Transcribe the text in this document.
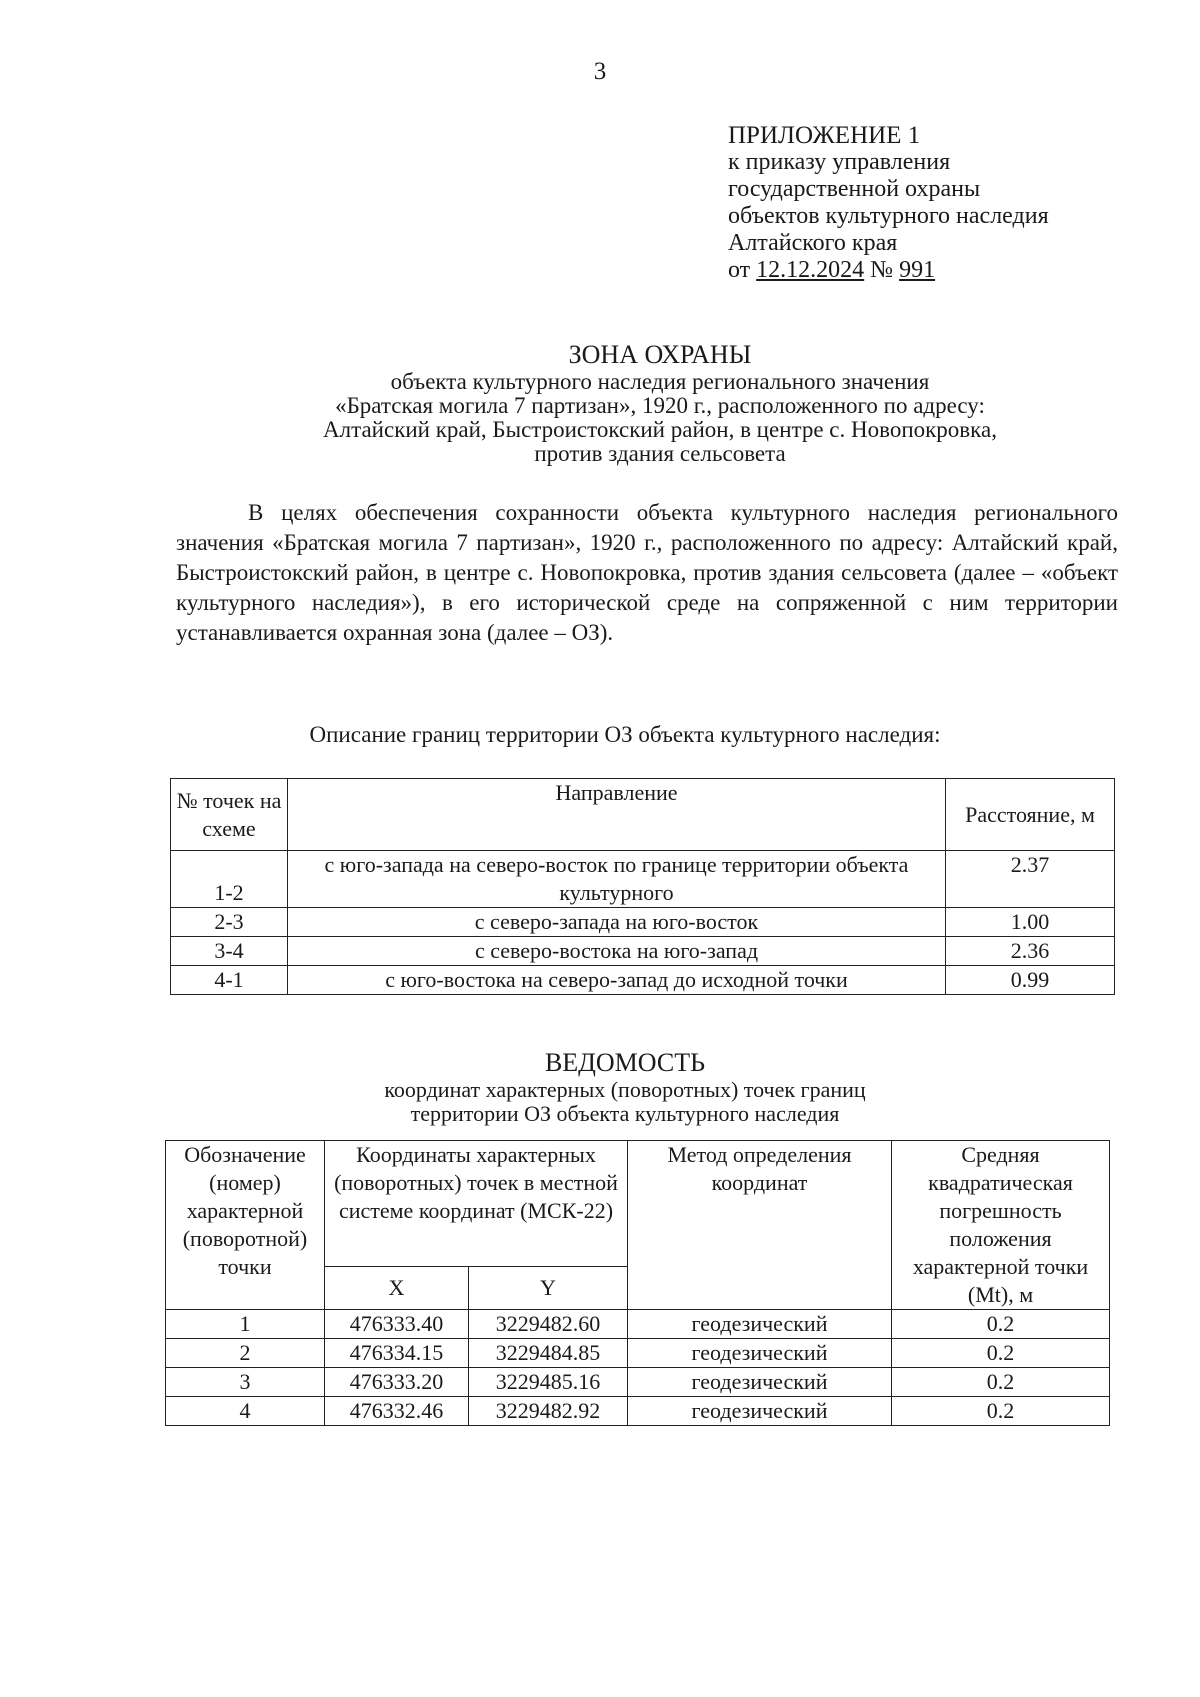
3
ПРИЛОЖЕНИЕ 1
к приказу управления
государственной охраны
объектов культурного наследия
Алтайского края
от 12.12.2024 № 991
ЗОНА ОХРАНЫ
объекта культурного наследия регионального значения
«Братская могила 7 партизан», 1920 г., расположенного по адресу:
Алтайский край, Быстроистокский район, в центре с. Новопокровка,
против здания сельсовета
В целях обеспечения сохранности объекта культурного наследия регионального значения «Братская могила 7 партизан», 1920 г., расположенного по адресу: Алтайский край, Быстроистокский район, в центре с. Новопокровка, против здания сельсовета (далее – «объект культурного наследия»), в его исторической среде на сопряженной с ним территории устанавливается охранная зона (далее – ОЗ).
Описание границ территории ОЗ объекта культурного наследия:
№ точек на схеме	Направление	Расстояние, м
1-2	с юго-запада на северо-восток по границе территории объекта культурного	2.37
2-3	с северо-запада на юго-восток	1.00
3-4	с северо-востока на юго-запад	2.36
4-1	с юго-востока на северо-запад до исходной точки	0.99
ВЕДОМОСТЬ
координат характерных (поворотных) точек границ
территории ОЗ объекта культурного наследия
Обозначение (номер) характерной (поворотной) точки	Координаты характерных (поворотных) точек в местной системе координат (МСК-22)		Метод определения координат	Средняя квадратическая погрешность положения характерной точки (Mt), м
	X	Y		
1	476333.40	3229482.60	геодезический	0.2
2	476334.15	3229484.85	геодезический	0.2
3	476333.20	3229485.16	геодезический	0.2
4	476332.46	3229482.92	геодезический	0.2
